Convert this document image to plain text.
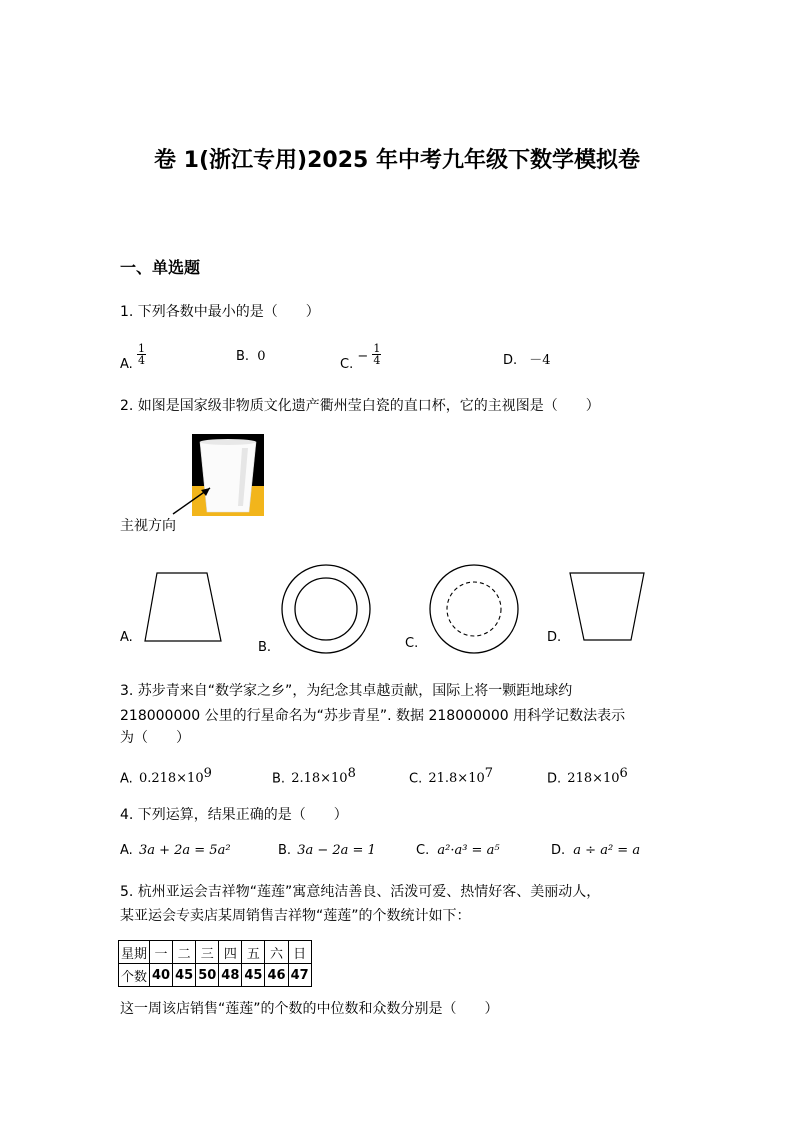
卷 1(浙江专用)2025 年中考九年级下数学模拟卷
一、单选题
1. 下列各数中最小的是（　　）
A. $\frac{1}{4}$	B. 0
C. − $\frac{1}{4}$	D. －4
2. 如图是国家级非物质文化遗产衢州莹白瓷的直口杯，它的主视图是（　　）
主视方向
A.
B.	C.	D.
3. 苏步青来自“数学家之乡”，为纪念其卓越贡献，国际上将一颗距地球约
218000000 公里的行星命名为“苏步青星”. 数据 218000000 用科学记数法表示
为（　　）
A. $0.218\times 10^9$	B. $2.18\times 10^8$	C. $21.8\times 10^7$	D. $218\times 10^6$
4. 下列运算，结果正确的是（　　）
A. 3a + 2a = 5a²	B. 3a − 2a = 1	C. a²·a³ = a⁵	D. a ÷ a² = a
5. 杭州亚运会吉祥物“莲莲”寓意纯洁善良、活泼可爱、热情好客、美丽动人，
某亚运会专卖店某周销售吉祥物“莲莲”的个数统计如下：
星期	一	二	三	四	五	六	日
个数	40	45	50	48	45	46	47
这一周该店销售“莲莲”的个数的中位数和众数分别是（　　）
